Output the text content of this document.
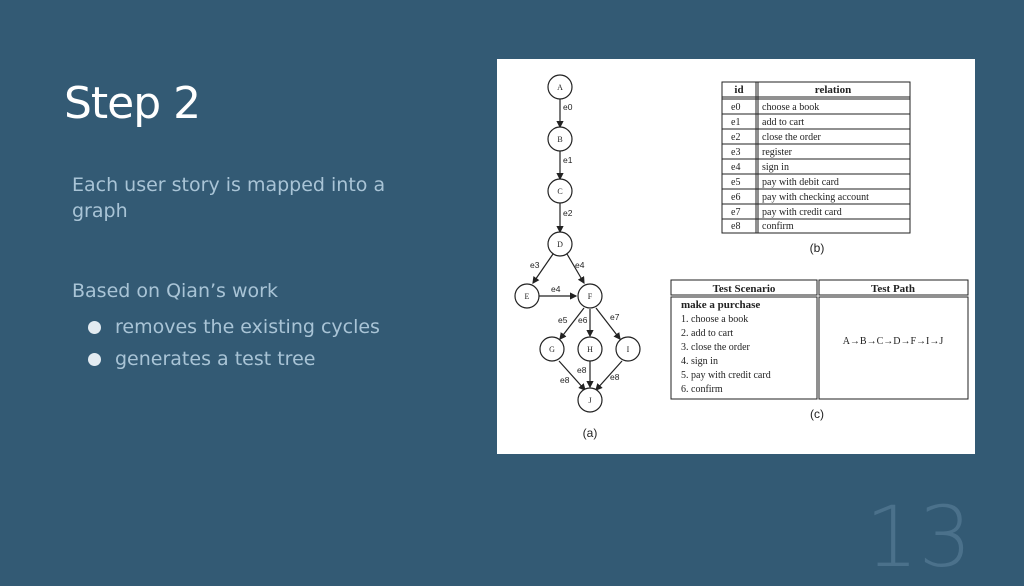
Step 2
Each user story is mapped into a graph
Based on Qian’s work
removes the existing cycles
generates a test tree
13
A
B
C
D
E	F
G	H	I
J
e0
e1
e2
e3	e4
e4
e5 e6	e7
e8
e8
e8
(a)
id	relation
e0 choose a book
e1 add to cart
e2 close the order
e3 register
e4 sign in
e5 pay with debit card
e6 pay with checking account
e7 pay with credit card
e8 confirm
(b)
Test Scenario	Test Path
make a purchase
1. choose a book
2. add to cart
3. close the order
4. sign in
5. pay with credit card
6. confirm
A→B→C→D→F→I→J
(c)
